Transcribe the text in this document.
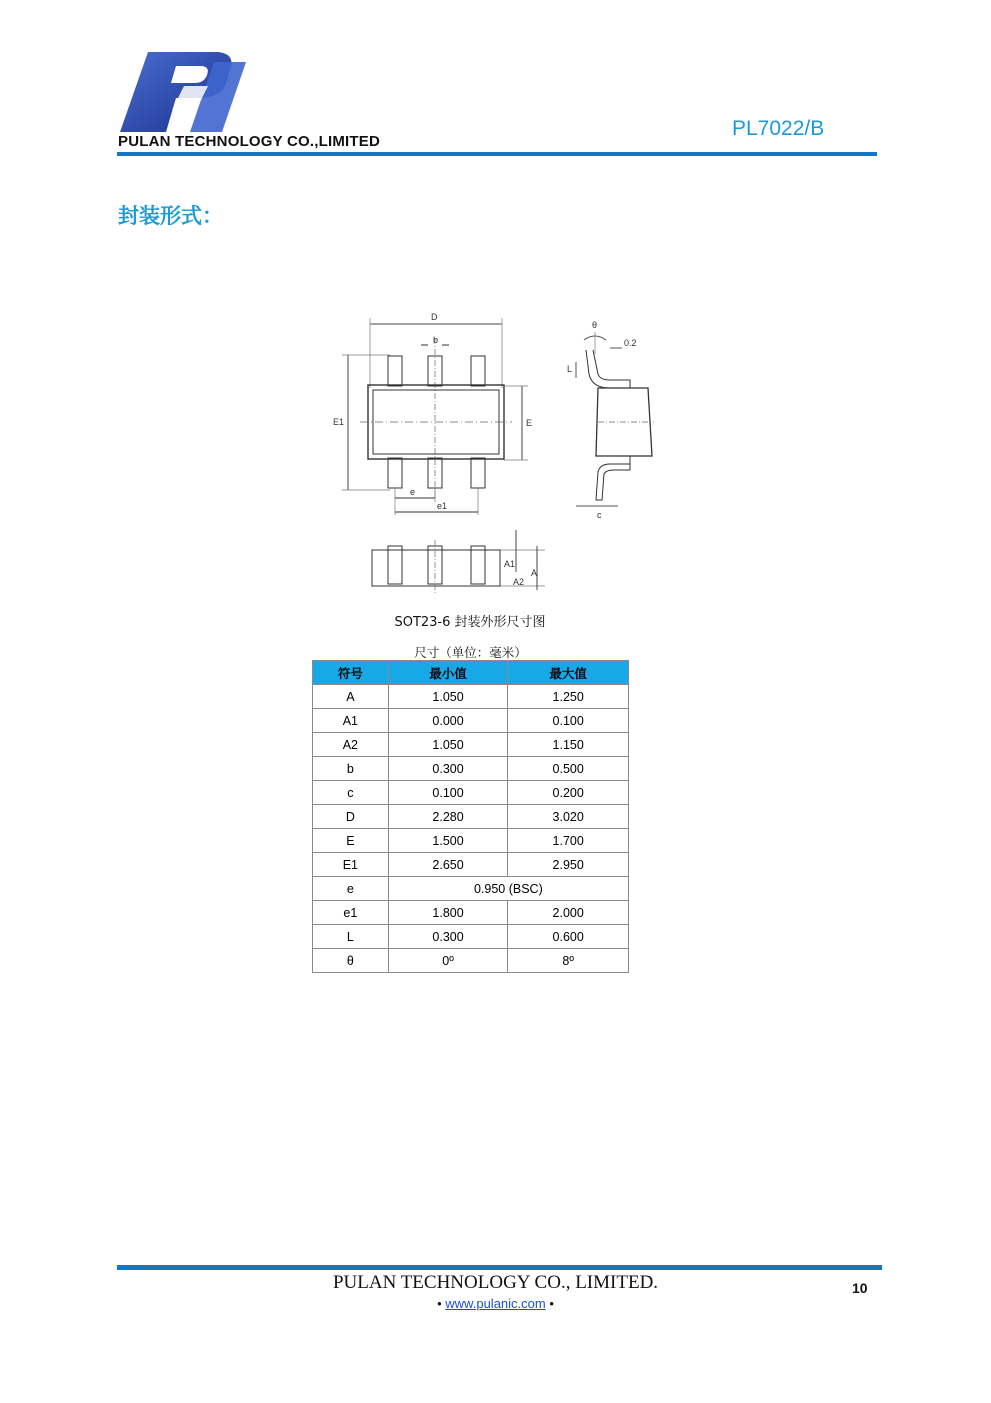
PULAN TECHNOLOGY CO.,LIMITED
PL7022/B
封装形式：
D
b
E1	E
e
e1
θ
0.2
L
c
A1
A2
A
SOT23-6 封装外形尺寸图
尺寸（单位：毫米）
符号	最小值	最大值
A	1.050	1.250
A1	0.000	0.100
A2	1.050	1.150
b	0.300	0.500
c	0.100	0.200
D	2.280	3.020
E	1.500	1.700
E1	2.650	2.950
e	0.950 (BSC)	
e1	1.800	2.000
L	0.300	0.600
θ	0º	8º
PULAN TECHNOLOGY CO., LIMITED.
• www.pulanic.com •
10
